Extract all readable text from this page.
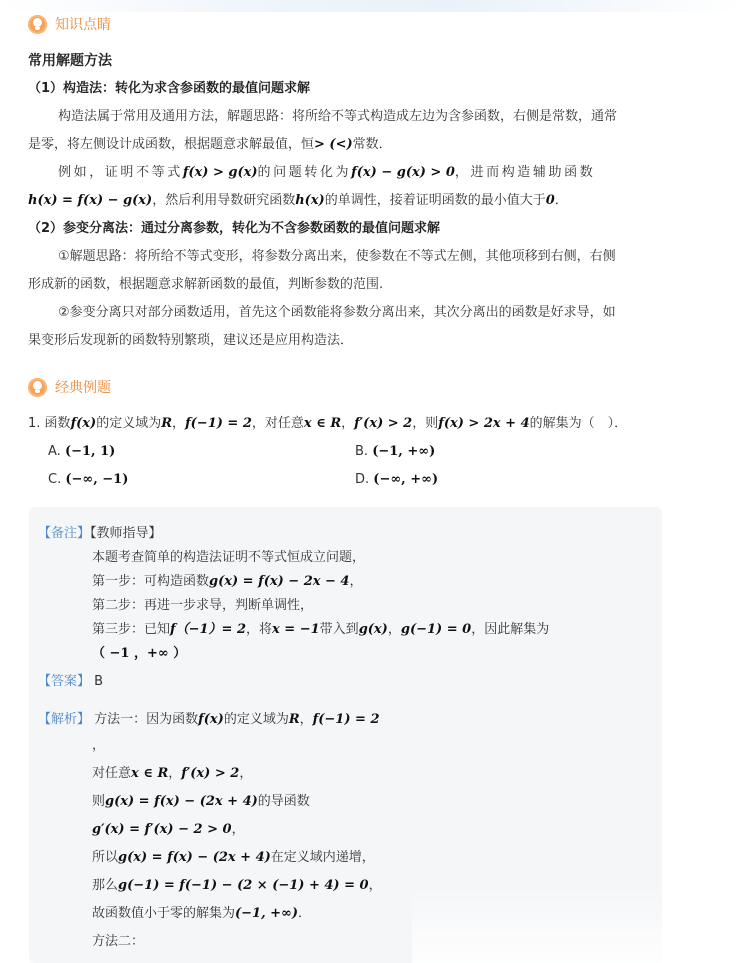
知识点睛
常用解题方法
（1）构造法：转化为求含参函数的最值问题求解
构造法属于常用及通用方法，解题思路：将所给不等式构造成左边为含参函数，右侧是常数，通常
是零，将左侧设计成函数，根据题意求解最值，恒> (<)常数．
例如，证明不等式f(x) > g(x)的问题转化为f(x) − g(x) > 0，进而构造辅助函数
h(x) = f(x) − g(x)，然后利用导数研究函数h(x)的单调性，接着证明函数的最小值大于0．
（2）参变分离法：通过分离参数，转化为不含参数函数的最值问题求解
①解题思路：将所给不等式变形，将参数分离出来，使参数在不等式左侧，其他项移到右侧，右侧
形成新的函数，根据题意求解新函数的最值，判断参数的范围.
②参变分离只对部分函数适用，首先这个函数能将参数分离出来，其次分离出的函数是好求导，如
果变形后发现新的函数特别繁琐，建议还是应用构造法．
经典例题
1. 函数f(x)的定义域为R，f(−1) = 2，对任意x ∈ R，f′(x) > 2，则f(x) > 2x + 4的解集为（　）．
A. (−1, 1)	B. (−1, +∞)
C. (−∞, −1)	D. (−∞, +∞)
【备注】【教师指导】
本题考查简单的构造法证明不等式恒成立问题，
第一步：可构造函数g(x) = f(x) − 2x − 4，
第二步：再进一步求导，判断单调性，
第三步：已知f（−1）= 2，将x = −1带入到g(x)，g(−1) = 0，因此解集为
（ −1 ，+∞ ）
【答案】 B
【解析】 方法一：因为函数f(x)的定义域为R，f(−1) = 2
，
对任意x ∈ R，f′(x) > 2，
则g(x) = f(x) − (2x + 4)的导函数
g′(x) = f′(x) − 2 > 0，
所以g(x) = f(x) − (2x + 4)在定义域内递增，
那么g(−1) = f(−1) − (2 × (−1) + 4) = 0，
故函数值小于零的解集为(−1, +∞)．
方法二：
